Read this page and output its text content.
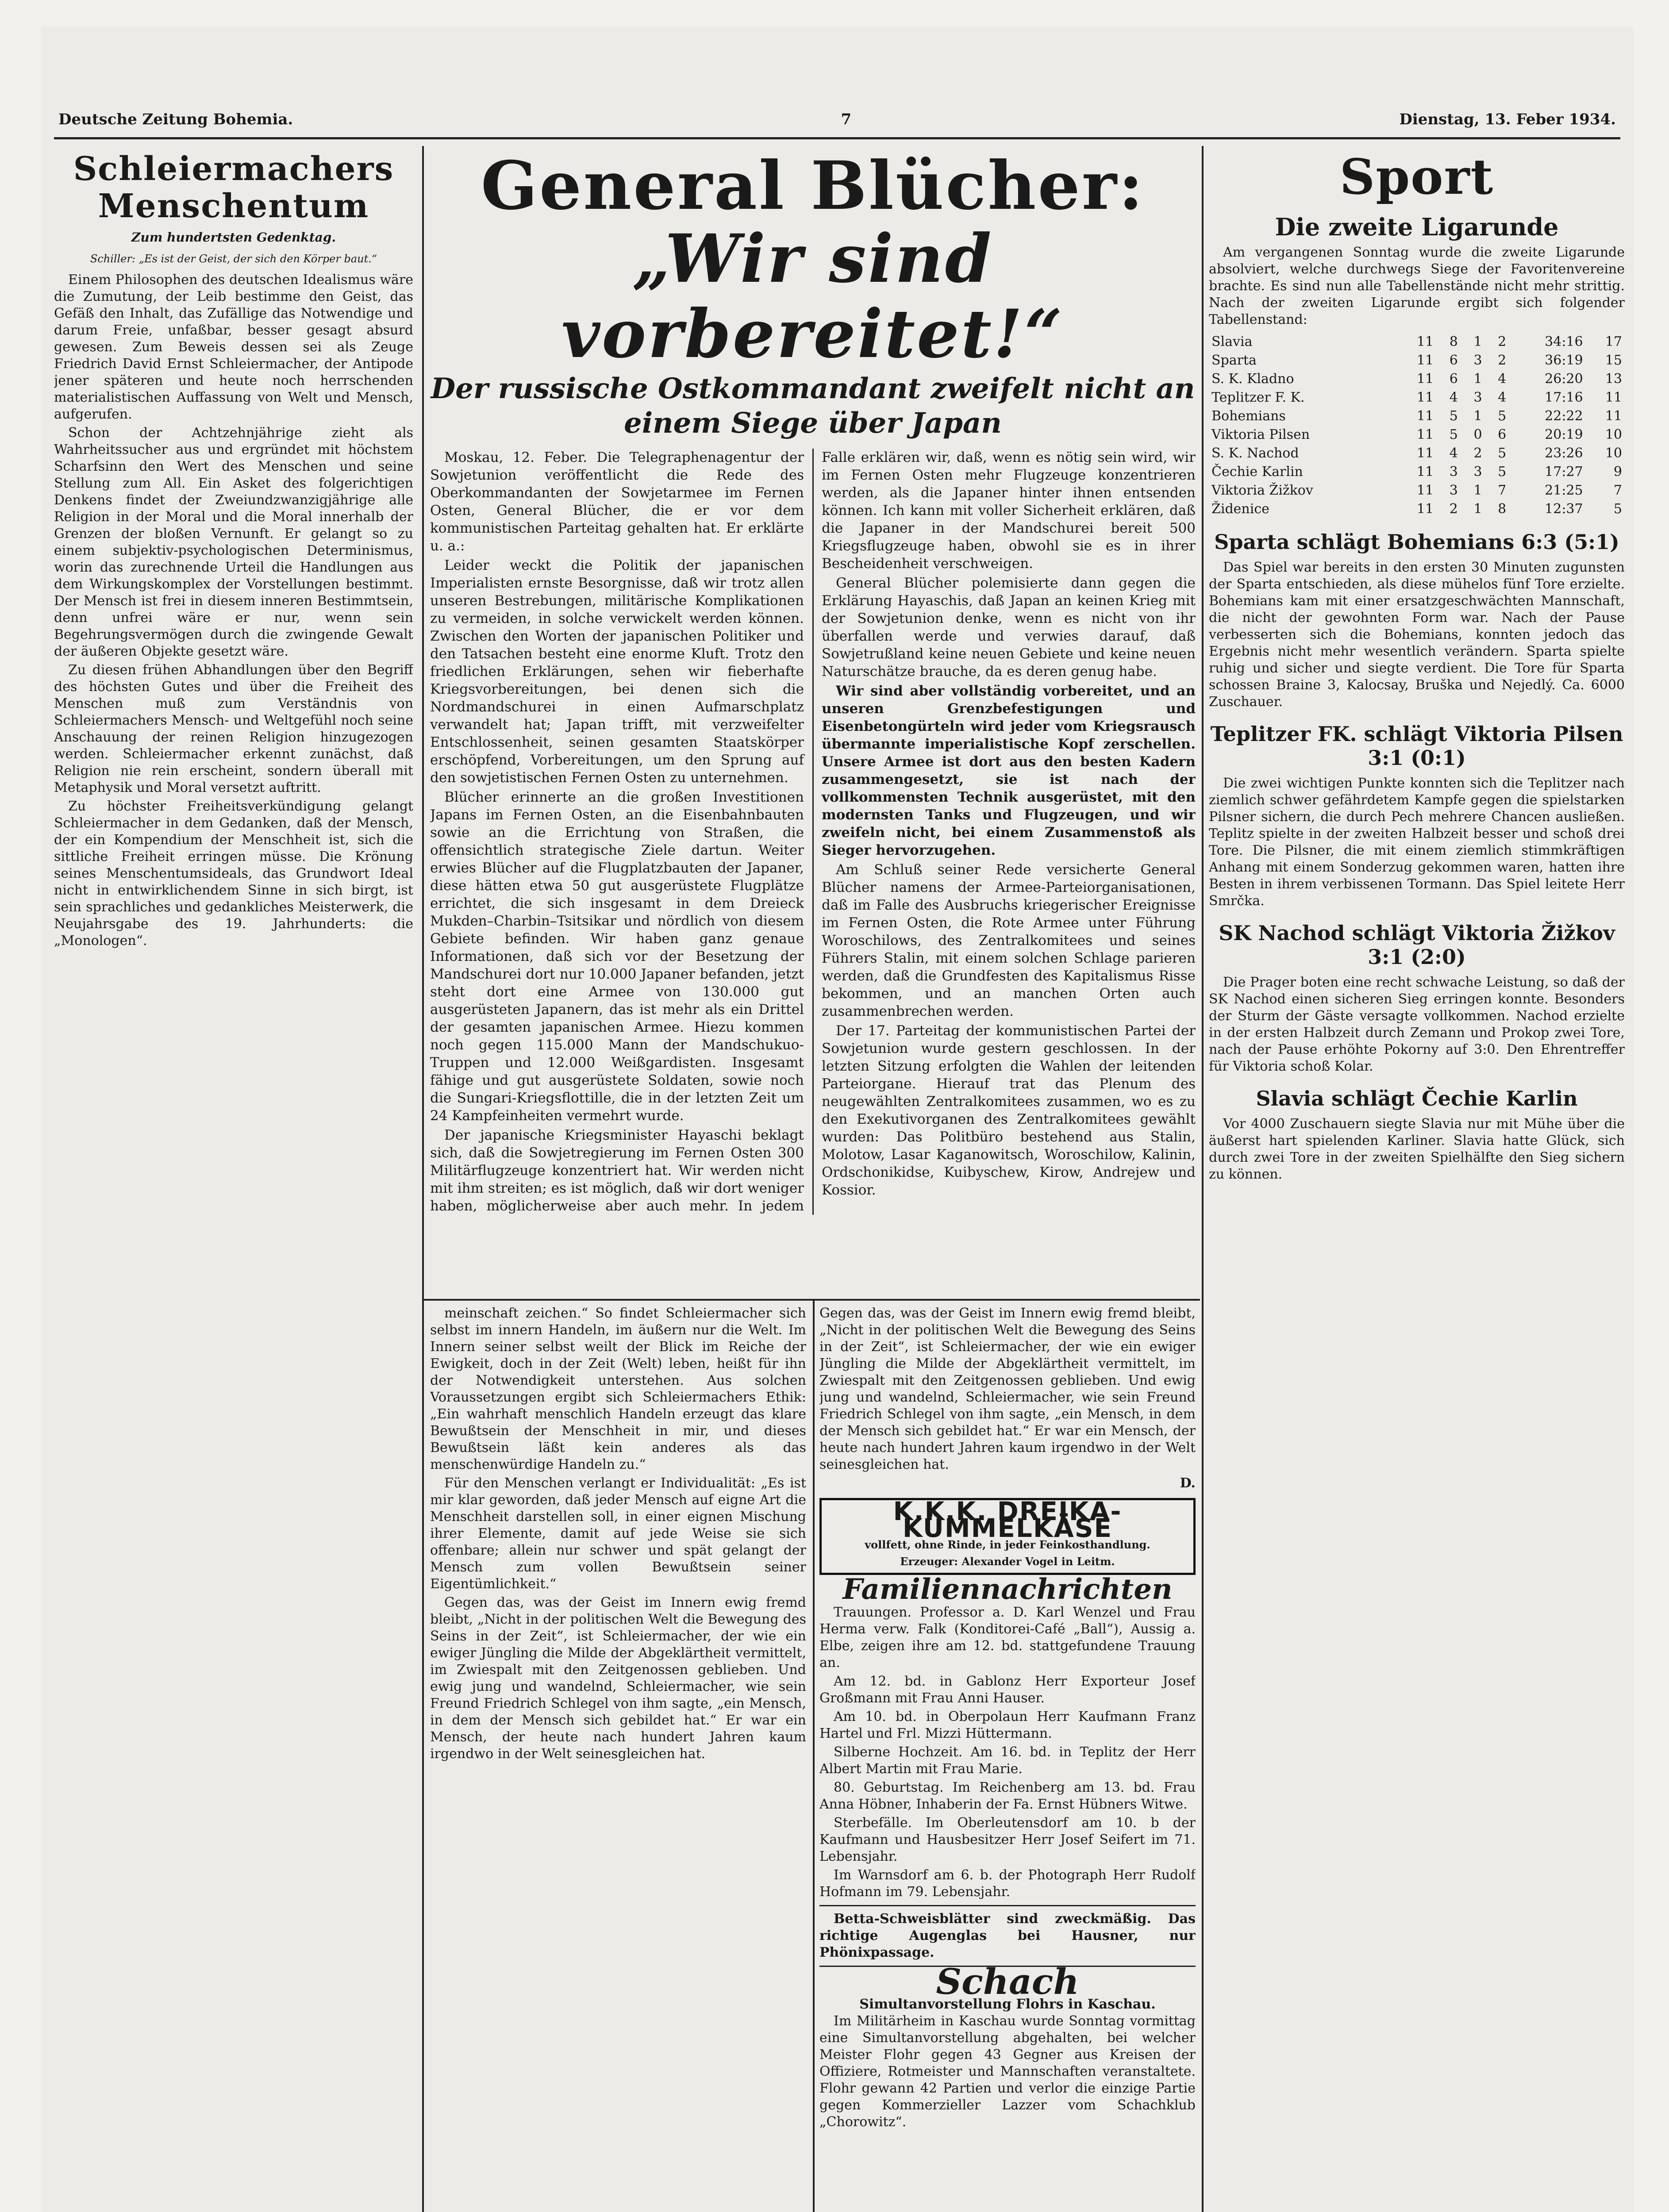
Deutsche Zeitung Bohemia.	7	Dienstag, 13. Feber 1934.
Schleiermachers
Menschentum
Zum hundertsten Gedenktag.
Schiller: „Es ist der Geist, der sich den Körper baut.“

Einem Philosophen des deutschen Idealismus wäre die Zumutung, der Leib bestimme den Geist, das Gefäß den Inhalt, das Zufällige das Notwendige und darum Freie, unfaßbar, besser gesagt absurd gewesen. Zum Beweis dessen sei als Zeuge Friedrich David Ernst Schleiermacher, der Antipode jener späteren und heute noch herrschenden materialistischen Auffassung von Welt und Mensch, aufgerufen.

Schon der Achtzehnjährige zieht als Wahrheitssucher aus und ergründet mit höchstem Scharfsinn den Wert des Menschen und seine Stellung zum All. Ein Asket des folgerichtigen Denkens findet der Zweiundzwanzigjährige alle Religion in der Moral und die Moral innerhalb der Grenzen der bloßen Vernunft. Er gelangt so zu einem subjektiv-psychologischen Determinismus, worin das zurechnende Urteil die Handlungen aus dem Wirkungskomplex der Vorstellungen bestimmt. Der Mensch ist frei in diesem inneren Bestimmtsein, denn unfrei wäre er nur, wenn sein Begehrungsvermögen durch die zwingende Gewalt der äußeren Objekte gesetzt wäre.

Zu diesen frühen Abhandlungen über den Begriff des höchsten Gutes und über die Freiheit des Menschen muß zum Verständnis von Schleiermachers Mensch- und Weltgefühl noch seine Anschauung der reinen Religion hinzugezogen werden. Schleiermacher erkennt zunächst, daß Religion nie rein erscheint, sondern überall mit Metaphysik und Moral versetzt auftritt.

Zu höchster Freiheitsverkündigung gelangt Schleiermacher in dem Gedanken, daß der Mensch, der ein Kompendium der Menschheit ist, sich die sittliche Freiheit erringen müsse. Die Krönung seines Menschentumsideals, das Grundwort Ideal nicht in entwirklichendem Sinne in sich birgt, ist sein sprachliches und gedankliches Meisterwerk, die Neujahrsgabe des 19. Jahrhunderts: die „Monologen“.

General Blücher:
„Wir sind vorbereitet!“
Der russische Ostkommandant zweifelt nicht an einem Siege über Japan

Moskau, 12. Feber. Die Telegraphenagentur der Sowjetunion veröffentlicht die Rede des Oberkommandanten der Sowjetarmee im Fernen Osten, General Blücher, die er vor dem kommunistischen Parteitag gehalten hat. Er erklärte u. a.:

Leider weckt die Politik der japanischen Imperialisten ernste Besorgnisse, daß wir trotz allen unseren Bestrebungen, militärische Komplikationen zu vermeiden, in solche verwickelt werden können. Zwischen den Worten der japanischen Politiker und den Tatsachen besteht eine enorme Kluft. Trotz den friedlichen Erklärungen, sehen wir fieberhafte Kriegsvorbereitungen, bei denen sich die Nordmandschurei in einen Aufmarschplatz verwandelt hat; Japan trifft, mit verzweifelter Entschlossenheit, seinen gesamten Staatskörper erschöpfend, Vorbereitungen, um den Sprung auf den sowjetistischen Fernen Osten zu unternehmen.

Blücher erinnerte an die großen Investitionen Japans im Fernen Osten, an die Eisenbahnbauten sowie an die Errichtung von Straßen, die offensichtlich strategische Ziele dartun. Weiter erwies Blücher auf die Flugplatzbauten der Japaner, diese hätten etwa 50 gut ausgerüstete Flugplätze errichtet, die sich insgesamt in dem Dreieck Mukden–Charbin–Tsitsikar und nördlich von diesem Gebiete befinden. Wir haben ganz genaue Informationen, daß sich vor der Besetzung der Mandschurei dort nur 10.000 Japaner befanden, jetzt steht dort eine Armee von 130.000 gut ausgerüsteten Japanern, das ist mehr als ein Drittel der gesamten japanischen Armee. Hiezu kommen noch gegen 115.000 Mann der Mandschukuo-Truppen und 12.000 Weißgardisten. Insgesamt fähige und gut ausgerüstete Soldaten, sowie noch die Sungari-Kriegsflottille, die in der letzten Zeit um 24 Kampfeinheiten vermehrt wurde.

Der japanische Kriegsminister Hayaschi beklagt sich, daß die Sowjetregierung im Fernen Osten 300 Militärflugzeuge konzentriert hat. Wir werden nicht mit ihm streiten; es ist möglich, daß wir dort weniger haben, möglicherweise aber auch mehr. In jedem Falle erklären wir, daß, wenn es nötig sein wird, wir im Fernen Osten mehr Flugzeuge konzentrieren werden, als die Japaner hinter ihnen entsenden können. Ich kann mit voller Sicherheit erklären, daß die Japaner in der Mandschurei bereit 500 Kriegsflugzeuge haben, obwohl sie es in ihrer Bescheidenheit verschweigen.

General Blücher polemisierte dann gegen die Erklärung Hayaschis, daß Japan an keinen Krieg mit der Sowjetunion denke, wenn es nicht von ihr überfallen werde und verwies darauf, daß Sowjetrußland keine neuen Gebiete und keine neuen Naturschätze brauche, da es deren genug habe.

Wir sind aber vollständig vorbereitet, und an unseren Grenzbefestigungen und Eisenbetongürteln wird jeder vom Kriegsrausch übermannte imperialistische Kopf zerschellen. Unsere Armee ist dort aus den besten Kadern zusammengesetzt, sie ist nach der vollkommensten Technik ausgerüstet, mit den modernsten Tanks und Flugzeugen, und wir zweifeln nicht, bei einem Zusammenstoß als Sieger hervorzugehen.

Am Schluß seiner Rede versicherte General Blücher namens der Armee-Parteiorganisationen, daß im Falle des Ausbruchs kriegerischer Ereignisse im Fernen Osten, die Rote Armee unter Führung Woroschilows, des Zentralkomitees und seines Führers Stalin, mit einem solchen Schlage parieren werden, daß die Grundfesten des Kapitalismus Risse bekommen, und an manchen Orten auch zusammenbrechen werden.

Der 17. Parteitag der kommunistischen Partei der Sowjetunion wurde gestern geschlossen. In der letzten Sitzung erfolgten die Wahlen der leitenden Parteiorgane. Hierauf trat das Plenum des neugewählten Zentralkomitees zusammen, wo es zu den Exekutivorganen des Zentralkomitees gewählt wurden: Das Politbüro bestehend aus Stalin, Molotow, Lasar Kaganowitsch, Woroschilow, Kalinin, Ordschonikidse, Kuibyschew, Kirow, Andrejew und Kossior.

meinschaft zeichen.“ So findet Schleiermacher sich selbst im innern Handeln, im äußern nur die Welt. Im Innern seiner selbst weilt der Blick im Reiche der Ewigkeit, doch in der Zeit (Welt) leben, heißt für ihn der Notwendigkeit unterstehen. Aus solchen Voraussetzungen ergibt sich Schleiermachers Ethik: „Ein wahrhaft menschlich Handeln erzeugt das klare Bewußtsein der Menschheit in mir, und dieses Bewußtsein läßt kein anderes als das menschenwürdige Handeln zu.“

Für den Menschen verlangt er Individualität: „Es ist mir klar geworden, daß jeder Mensch auf eigne Art die Menschheit darstellen soll, in einer eignen Mischung ihrer Elemente, damit auf jede Weise sie sich offenbare; allein nur schwer und spät gelangt der Mensch zum vollen Bewußtsein seiner Eigentümlichkeit.“

Gegen das, was der Geist im Innern ewig fremd bleibt, „Nicht in der politischen Welt die Bewegung des Seins in der Zeit“, ist Schleiermacher, der wie ein ewiger Jüngling die Milde der Abgeklärtheit vermittelt, im Zwiespalt mit den Zeitgenossen geblieben. Und ewig jung und wandelnd, Schleiermacher, wie sein Freund Friedrich Schlegel von ihm sagte, „ein Mensch, in dem der Mensch sich gebildet hat.“ Er war ein Mensch, der heute nach hundert Jahren kaum irgendwo in der Welt seinesgleichen hat.

Gegen das, was der Geist im Innern ewig fremd bleibt, „Nicht in der politischen Welt die Bewegung des Seins in der Zeit“, ist Schleiermacher, der wie ein ewiger Jüngling die Milde der Abgeklärtheit vermittelt, im Zwiespalt mit den Zeitgenossen geblieben. Und ewig jung und wandelnd, Schleiermacher, wie sein Freund Friedrich Schlegel von ihm sagte, „ein Mensch, in dem der Mensch sich gebildet hat.“ Er war ein Mensch, der heute nach hundert Jahren kaum irgendwo in der Welt seinesgleichen hat.

D.
K.K.K. DREIKA-KÜMMELKÄSE
vollfett, ohne Rinde, in jeder Feinkosthandlung.
Erzeuger: Alexander Vogel in Leitm.
Familiennachrichten

Trauungen. Professor a. D. Karl Wenzel und Frau Herma verw. Falk (Konditorei-Café „Ball“), Aussig a. Elbe, zeigen ihre am 12. bd. stattgefundene Trauung an.

Am 12. bd. in Gablonz Herr Exporteur Josef Großmann mit Frau Anni Hauser.

Am 10. bd. in Oberpolaun Herr Kaufmann Franz Hartel und Frl. Mizzi Hüttermann.

Silberne Hochzeit. Am 16. bd. in Teplitz der Herr Albert Martin mit Frau Marie.

80. Geburtstag. Im Reichenberg am 13. bd. Frau Anna Höbner, Inhaberin der Fa. Ernst Hübners Witwe.

Sterbefälle. Im Oberleutensdorf am 10. b der Kaufmann und Hausbesitzer Herr Josef Seifert im 71. Lebensjahr.

Im Warnsdorf am 6. b. der Photograph Herr Rudolf Hofmann im 79. Lebensjahr.

Betta-Schweisblätter sind zweckmäßig. Das richtige Augenglas bei Hausner, nur Phönixpassage.

Schach
Simultanvorstellung Flohrs in Kaschau.

Im Militärheim in Kaschau wurde Sonntag vormittag eine Simultanvorstellung abgehalten, bei welcher Meister Flohr gegen 43 Gegner aus Kreisen der Offiziere, Rotmeister und Mannschaften veranstaltete. Flohr gewann 42 Partien und verlor die einzige Partie gegen Kommerzieller Lazzer vom Schachklub „Chorowitz“.

Sport
Die zweite Ligarunde

Am vergangenen Sonntag wurde die zweite Ligarunde absolviert, welche durchwegs Siege der Favoritenvereine brachte. Es sind nun alle Tabellenstände nicht mehr strittig. Nach der zweiten Ligarunde ergibt sich folgender Tabellenstand:

Slavia	11	8	1	2	34:16	17
Sparta	11	6	3	2	36:19	15
S. K. Kladno	11	6	1	4	26:20	13
Teplitzer F. K.	11	4	3	4	17:16	11
Bohemians	11	5	1	5	22:22	11
Viktoria Pilsen	11	5	0	6	20:19	10
S. K. Nachod	11	4	2	5	23:26	10
Čechie Karlin	11	3	3	5	17:27	9
Viktoria Žižkov	11	3	1	7	21:25	7
Židenice	11	2	1	8	12:37	5
Sparta schlägt Bohemians 6:3 (5:1)

Das Spiel war bereits in den ersten 30 Minuten zugunsten der Sparta entschieden, als diese mühelos fünf Tore erzielte. Bohemians kam mit einer ersatzgeschwächten Mannschaft, die nicht der gewohnten Form war. Nach der Pause verbesserten sich die Bohemians, konnten jedoch das Ergebnis nicht mehr wesentlich verändern. Sparta spielte ruhig und sicher und siegte verdient. Die Tore für Sparta schossen Braine 3, Kalocsay, Bruška und Nejedlý. Ca. 6000 Zuschauer.

Teplitzer FK. schlägt Viktoria Pilsen 3:1 (0:1)

Die zwei wichtigen Punkte konnten sich die Teplitzer nach ziemlich schwer gefährdetem Kampfe gegen die spielstarken Pilsner sichern, die durch Pech mehrere Chancen ausließen. Teplitz spielte in der zweiten Halbzeit besser und schoß drei Tore. Die Pilsner, die mit einem ziemlich stimmkräftigen Anhang mit einem Sonderzug gekommen waren, hatten ihre Besten in ihrem verbissenen Tormann. Das Spiel leitete Herr Smrčka.

SK Nachod schlägt Viktoria Žižkov 3:1 (2:0)

Die Prager boten eine recht schwache Leistung, so daß der SK Nachod einen sicheren Sieg erringen konnte. Besonders der Sturm der Gäste versagte vollkommen. Nachod erzielte in der ersten Halbzeit durch Zemann und Prokop zwei Tore, nach der Pause erhöhte Pokorny auf 3:0. Den Ehrentreffer für Viktoria schoß Kolar.

Slavia schlägt Čechie Karlin

Vor 4000 Zuschauern siegte Slavia nur mit Mühe über die äußerst hart spielenden Karliner. Slavia hatte Glück, sich durch zwei Tore in der zweiten Spielhälfte den Sieg sichern zu können.
